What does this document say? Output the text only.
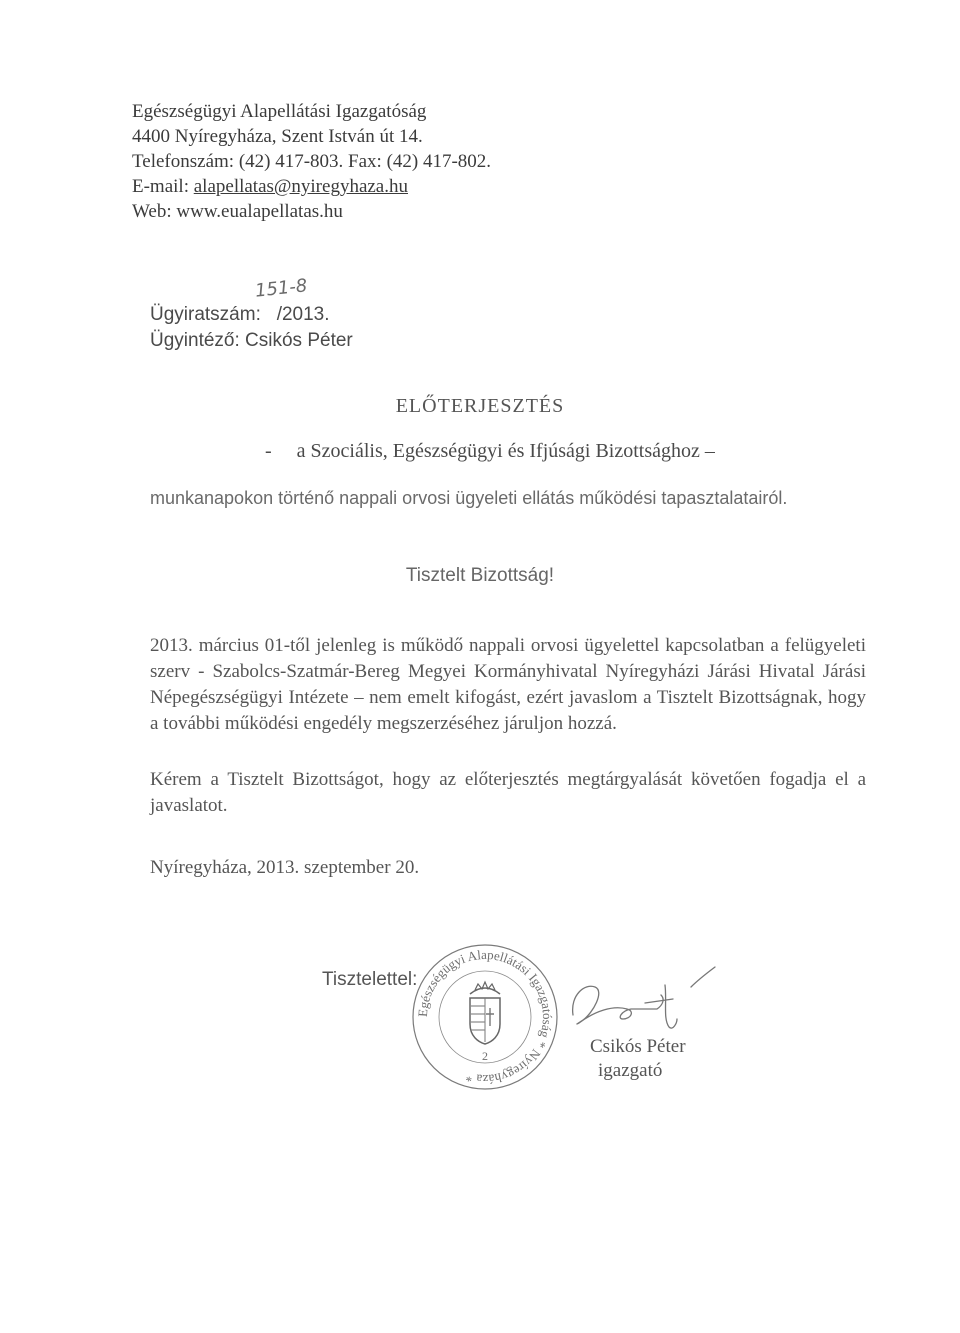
Egészségügyi Alapellátási Igazgatóság
4400 Nyíregyháza, Szent István út 14.
Telefonszám: (42) 417-803. Fax: (42) 417-802.
E-mail: alapellatas@nyiregyhaza.hu
Web: www.eualapellatas.hu
151-8
Ügyiratszám:   /2013.
Ügyintéző: Csikós Péter
ELŐTERJESZTÉS
-     a Szociális, Egészségügyi és Ifjúsági Bizottsághoz –
munkanapokon történő nappali orvosi ügyeleti ellátás működési tapasztalatairól.
Tisztelt Bizottság!
2013. március 01-től jelenleg is működő nappali orvosi ügyelettel kapcsolatban a felügyeleti szerv - Szabolcs-Szatmár-Bereg Megyei Kormányhivatal Nyíregyházi Járási Hivatal Járási Népegészségügyi Intézete – nem emelt kifogást, ezért javaslom a Tisztelt Bizottságnak, hogy a további működési engedély megszerzéséhez járuljon hozzá.
Kérem a Tisztelt Bizottságot, hogy az előterjesztés megtárgyalását követően fogadja el a javaslatot.
Nyíregyháza, 2013. szeptember 20.
Tisztelettel:
Egészségügyi Alapellátási Igazgatóság * Nyíregyháza *
2	Csikós Péter
igazgató
